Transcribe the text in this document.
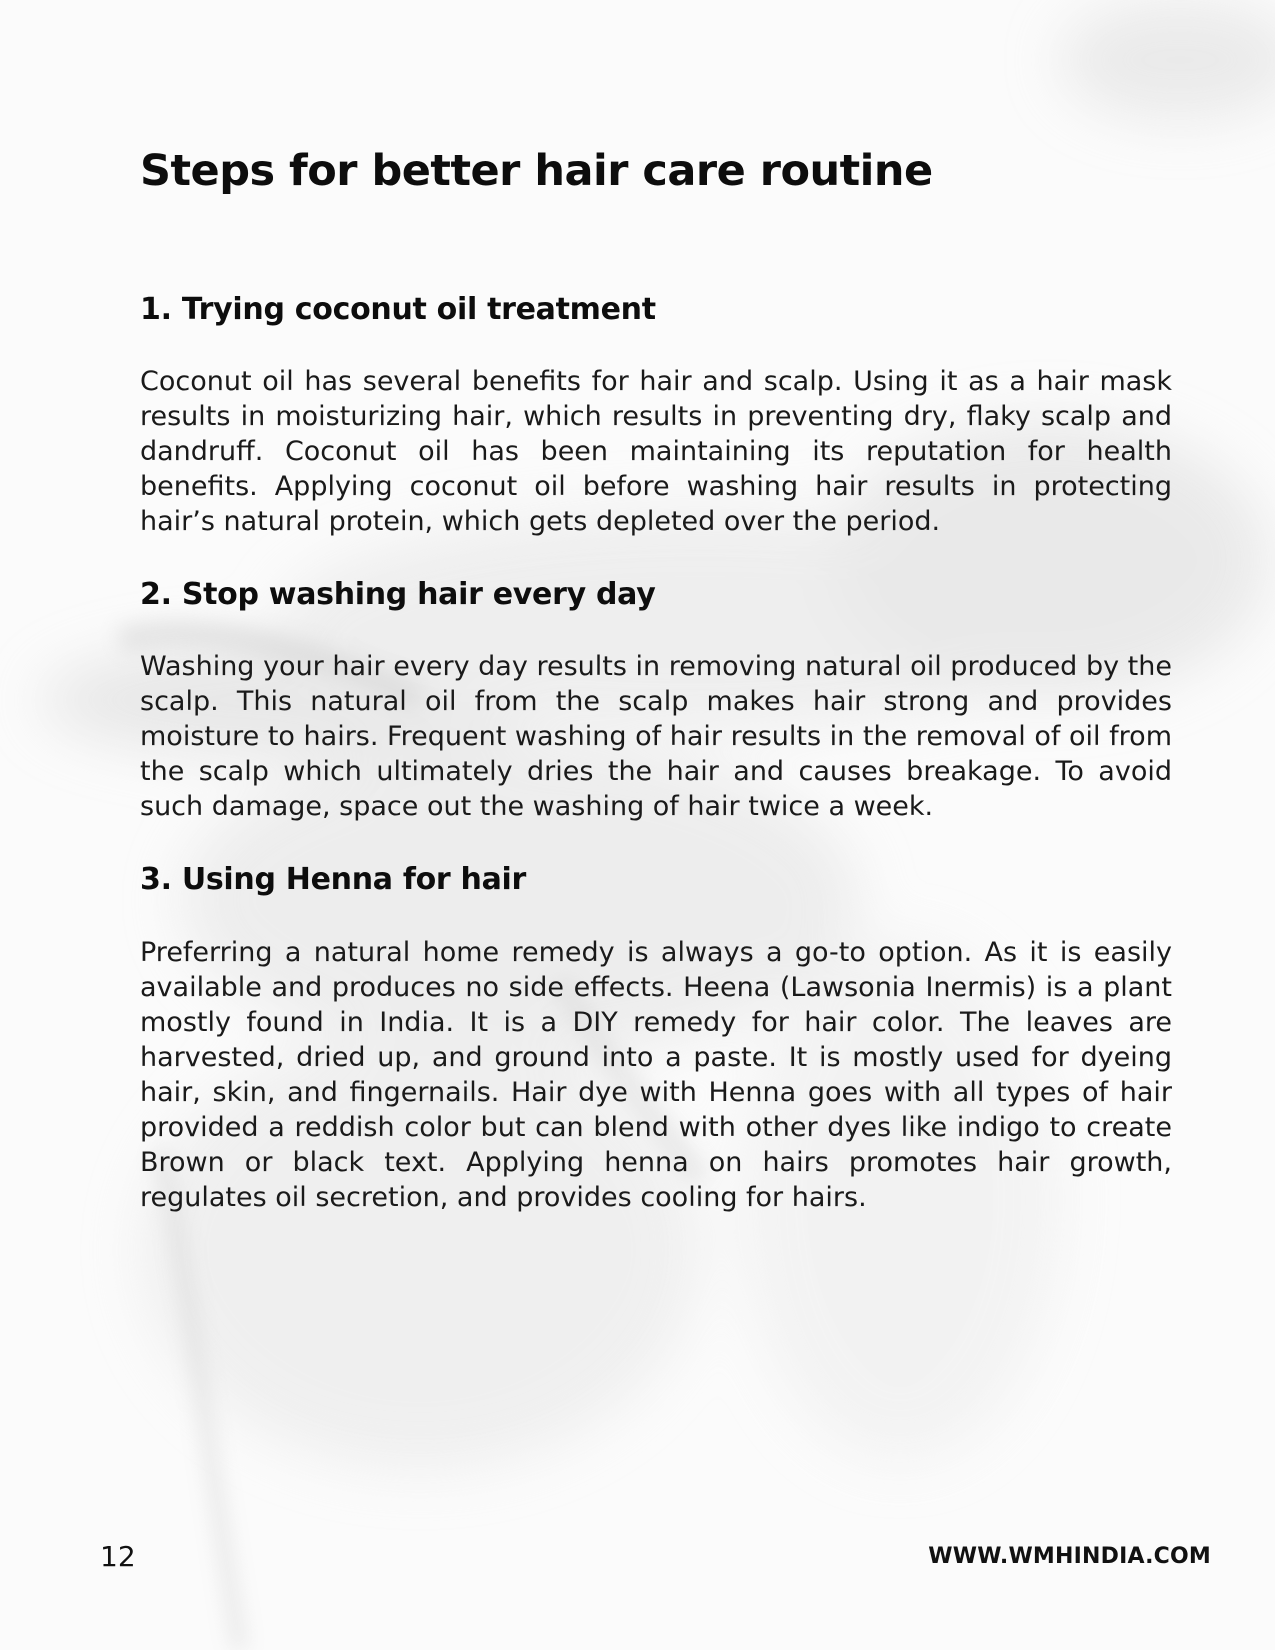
Steps for better hair care routine
1. Trying coconut oil treatment

Coconut oil has several benefits for hair and scalp. Using it as a hair mask results in moisturizing hair, which results in preventing dry, flaky scalp and dandruff. Coconut oil has been maintaining its reputation for health benefits. Applying coconut oil before washing hair results in protecting hair’s natural protein, which gets depleted over the period.

2. Stop washing hair every day

Washing your hair every day results in removing natural oil produced by the scalp. This natural oil from the scalp makes hair strong and provides moisture to hairs. Frequent washing of hair results in the removal of oil from the scalp which ultimately dries the hair and causes breakage. To avoid such damage, space out the washing of hair twice a week.

3. Using Henna for hair

Preferring a natural home remedy is always a go-to option. As it is easily available and produces no side effects. Heena (Lawsonia Inermis) is a plant mostly found in India. It is a DIY remedy for hair color. The leaves are harvested, dried up, and ground into a paste. It is mostly used for dyeing hair, skin, and fingernails. Hair dye with Henna goes with all types of hair provided a reddish color but can blend with other dyes like indigo to create Brown or black text. Applying henna on hairs promotes hair growth, regulates oil secretion, and provides cooling for hairs.

12	WWW.WMHINDIA.COM
